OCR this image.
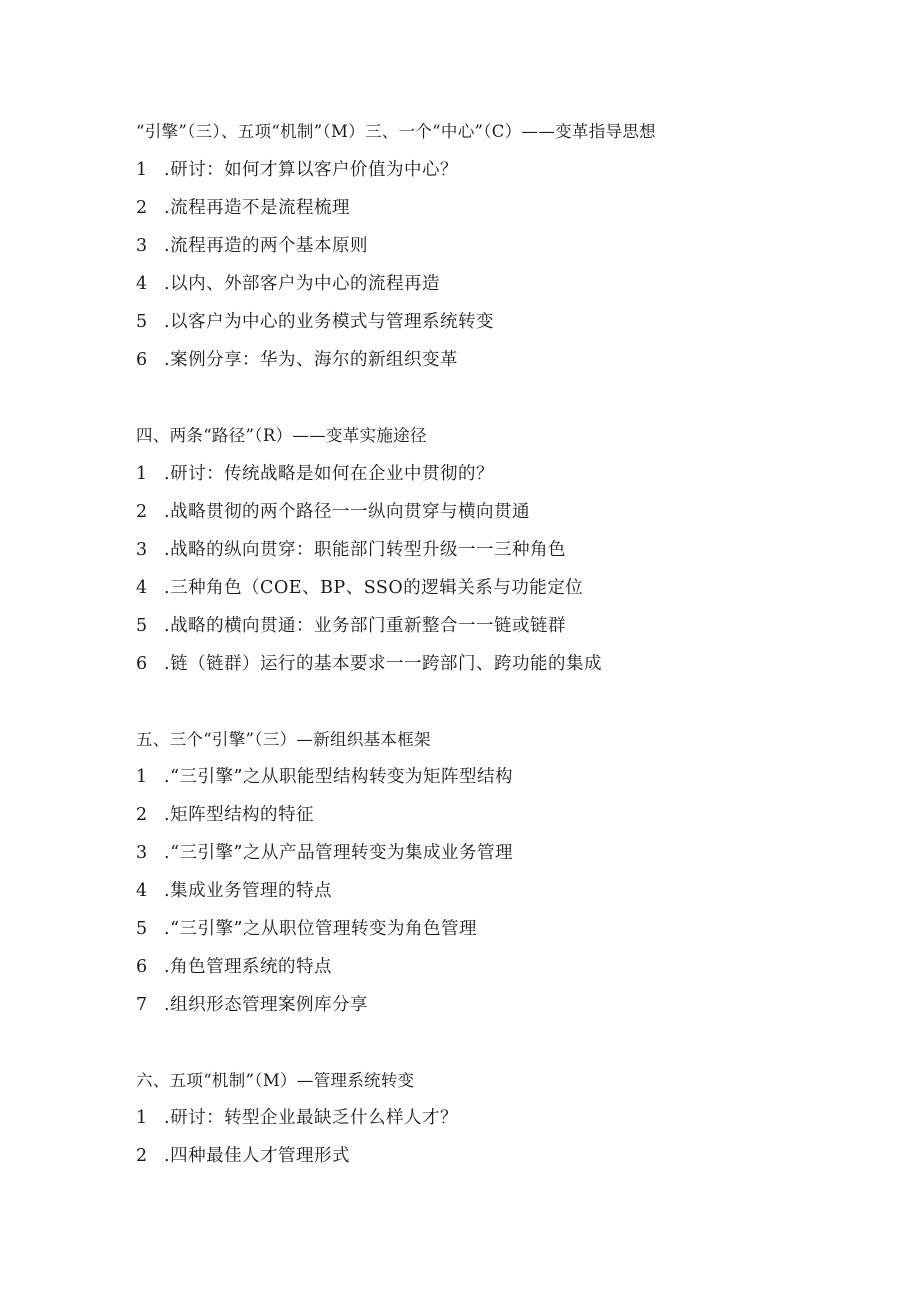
“引擎”（三）、五项“机制”（M）三、一个“中心”（C）——变革指导思想
1 .研讨：如何才算以客户价值为中心？
2 .流程再造不是流程梳理
3 .流程再造的两个基本原则
4 .以内、外部客户为中心的流程再造
5 .以客户为中心的业务模式与管理系统转变
6 .案例分享：华为、海尔的新组织变革
四、两条“路径”（R）——变革实施途径
1 .研讨：传统战略是如何在企业中贯彻的？
2 .战略贯彻的两个路径一一纵向贯穿与横向贯通
3 .战略的纵向贯穿：职能部门转型升级一一三种角色
4 .三种角色（COE、BP、SSO的逻辑关系与功能定位
5 .战略的横向贯通：业务部门重新整合一一链或链群
6 .链（链群）运行的基本要求一一跨部门、跨功能的集成
五、三个“引擎”（三）—新组织基本框架
1 .“三引擎”之从职能型结构转变为矩阵型结构
2 .矩阵型结构的特征
3 .“三引擎”之从产品管理转变为集成业务管理
4 .集成业务管理的特点
5 .“三引擎”之从职位管理转变为角色管理
6 .角色管理系统的特点
7 .组织形态管理案例库分享
六、五项“机制”（M）—管理系统转变
1 .研讨：转型企业最缺乏什么样人才？
2 .四种最佳人才管理形式
